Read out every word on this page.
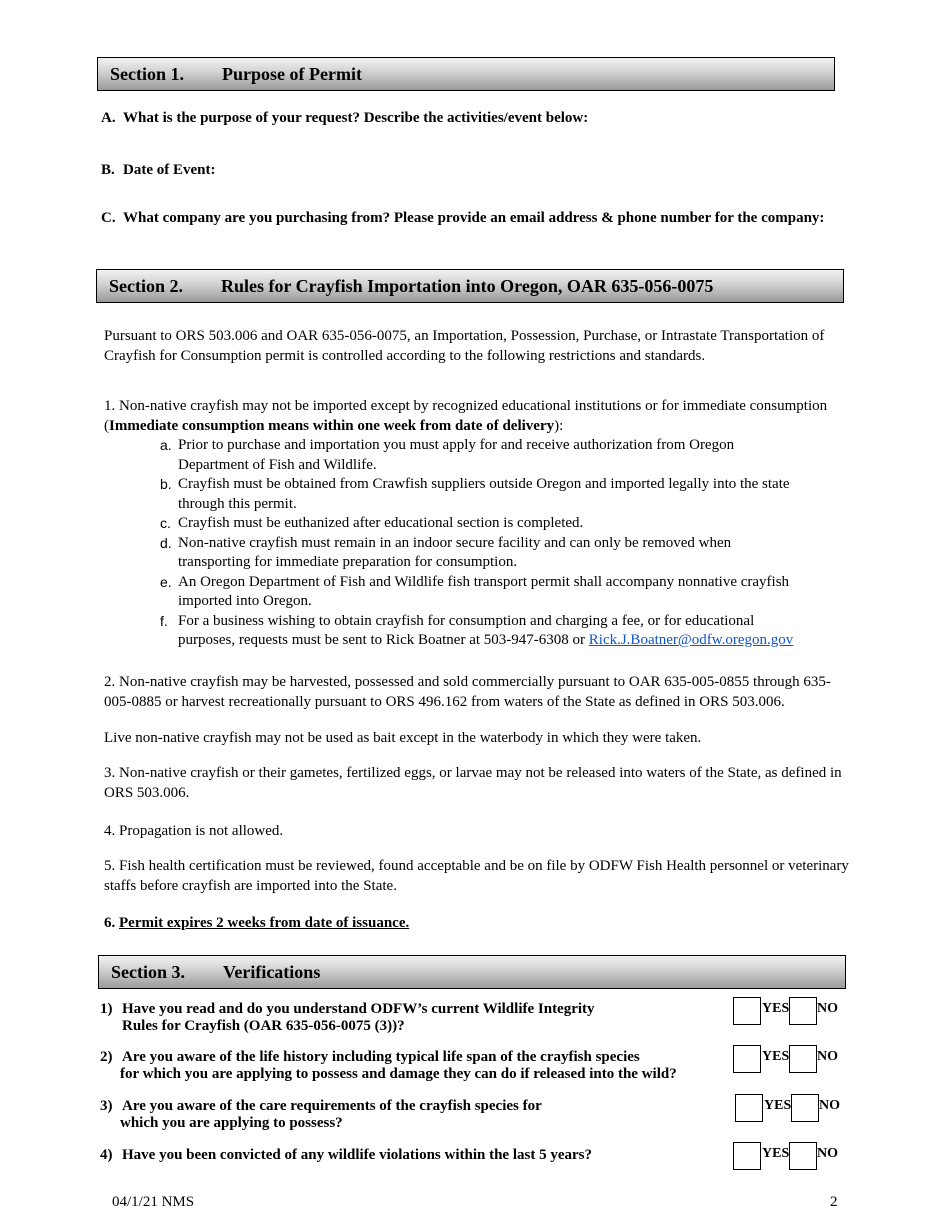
Section 1. Purpose of Permit
A. What is the purpose of your request? Describe the activities/event below:
B. Date of Event:
C. What company are you purchasing from? Please provide an email address & phone number for the company:
Section 2. Rules for Crayfish Importation into Oregon, OAR 635-056-0075
Pursuant to ORS 503.006 and OAR 635-056-0075, an Importation, Possession, Purchase, or Intrastate Transportation of Crayfish for Consumption permit is controlled according to the following restrictions and standards.
1. Non-native crayfish may not be imported except by recognized educational institutions or for immediate consumption (Immediate consumption means within one week from date of delivery):
a. Prior to purchase and importation you must apply for and receive authorization from Oregon Department of Fish and Wildlife.
b. Crayfish must be obtained from Crawfish suppliers outside Oregon and imported legally into the state through this permit.
c. Crayfish must be euthanized after educational section is completed.
d. Non-native crayfish must remain in an indoor secure facility and can only be removed when transporting for immediate preparation for consumption.
e. An Oregon Department of Fish and Wildlife fish transport permit shall accompany nonnative crayfish imported into Oregon.
f. For a business wishing to obtain crayfish for consumption and charging a fee, or for educational purposes, requests must be sent to Rick Boatner at 503-947-6308 or Rick.J.Boatner@odfw.oregon.gov
2. Non-native crayfish may be harvested, possessed and sold commercially pursuant to OAR 635-005-0855 through 635-005-0885 or harvest recreationally pursuant to ORS 496.162 from waters of the State as defined in ORS 503.006.
Live non-native crayfish may not be used as bait except in the waterbody in which they were taken.
3. Non-native crayfish or their gametes, fertilized eggs, or larvae may not be released into waters of the State, as defined in ORS 503.006.
4. Propagation is not allowed.
5. Fish health certification must be reviewed, found acceptable and be on file by ODFW Fish Health personnel or veterinary staffs before crayfish are imported into the State.
6. Permit expires 2 weeks from date of issuance.
Section 3. Verifications
1) Have you read and do you understand ODFW’s current Wildlife Integrity
Rules for Crayfish (OAR 635-056-0075 (3))?
YES NO
2) Are you aware of the life history including typical life span of the crayfish species
for which you are applying to possess and damage they can do if released into the wild?
YES NO
3) Are you aware of the care requirements of the crayfish species for
which you are applying to possess?
YES NO
4) Have you been convicted of any wildlife violations within the last 5 years?	YES NO
04/1/21 NMS	2
